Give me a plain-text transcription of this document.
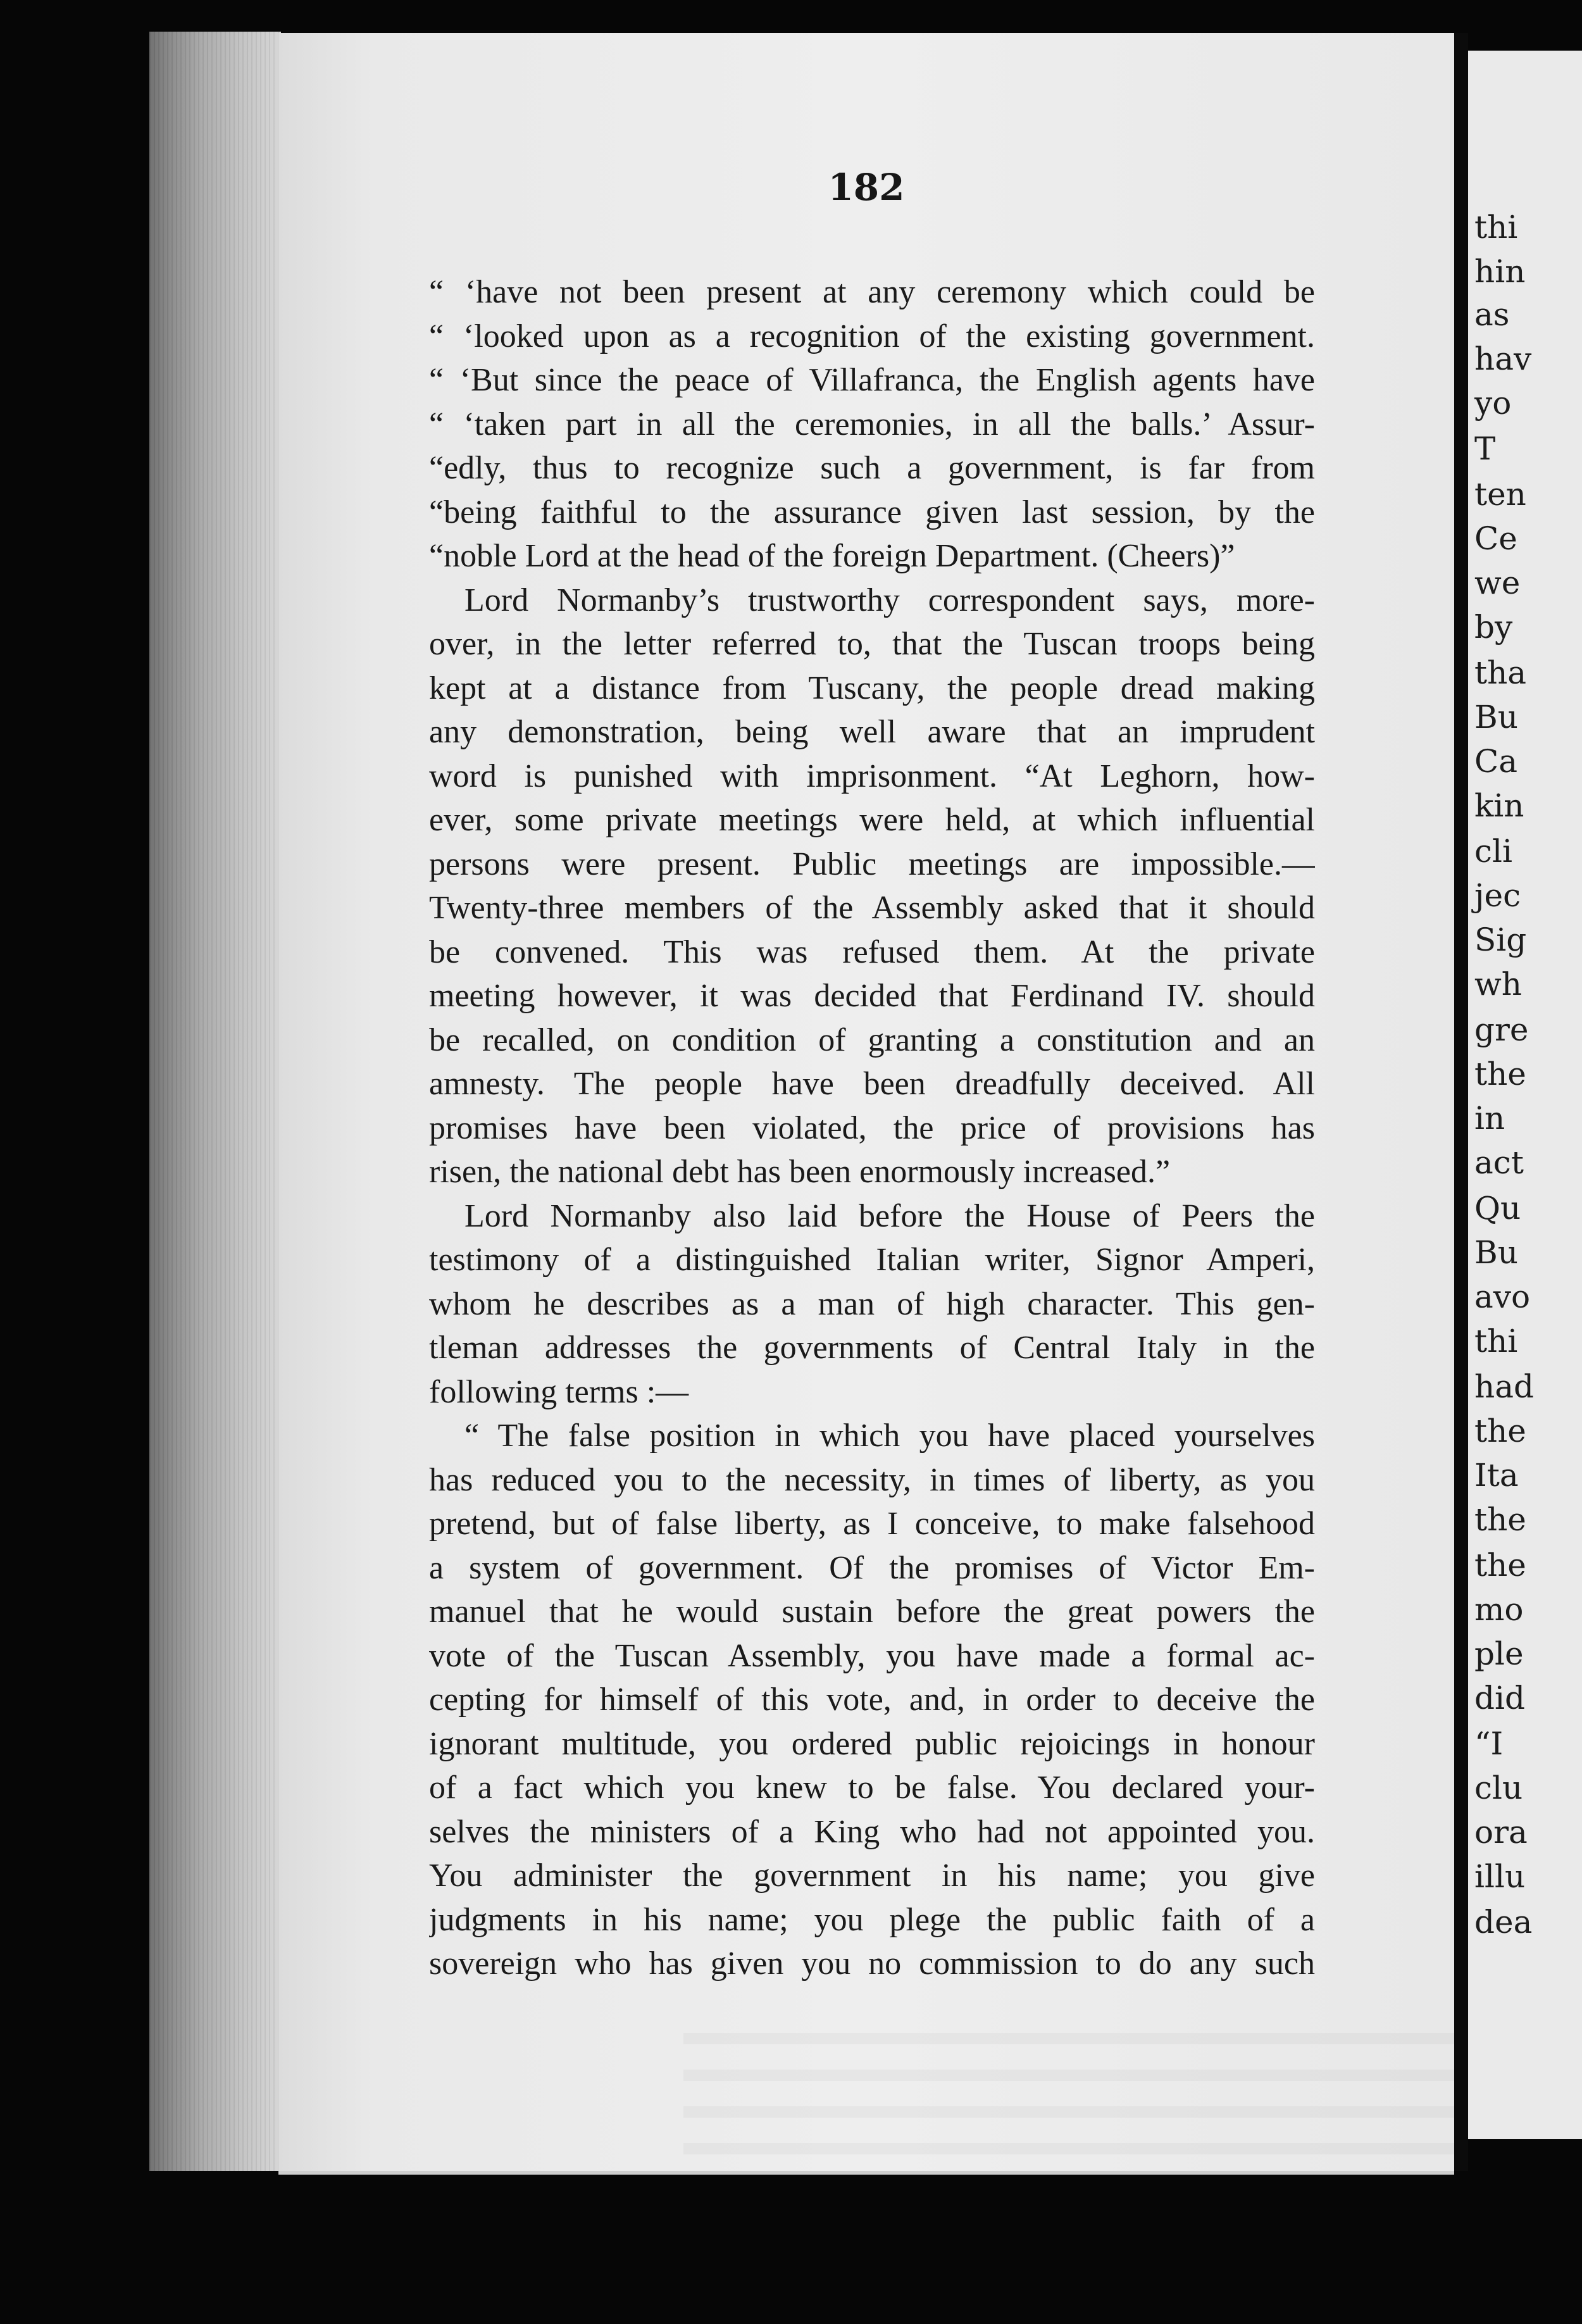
182
“ ‘have not been present at any ceremony which could be
“ ‘looked upon as a recognition of the existing government.
“ ‘But since the peace of Villafranca, the English agents have
“ ‘taken part in all the ceremonies, in all the balls.’ Assur-
“edly, thus to recognize such a government, is far from
“being faithful to the assurance given last session, by the
“noble Lord at the head of the foreign Department. (Cheers)”
Lord Normanby’s trustworthy correspondent says, more-
over, in the letter referred to, that the Tuscan troops being
kept at a distance from Tuscany, the people dread making
any demonstration, being well aware that an imprudent
word is punished with imprisonment. “At Leghorn, how-
ever, some private meetings were held, at which influential
persons were present. Public meetings are impossible.—
Twenty-three members of the Assembly asked that it should
be convened. This was refused them. At the private
meeting however, it was decided that Ferdinand IV. should
be recalled, on condition of granting a constitution and an
amnesty. The people have been dreadfully deceived. All
promises have been violated, the price of provisions has
risen, the national debt has been enormously increased.”
Lord Normanby also laid before the House of Peers the
testimony of a distinguished Italian writer, Signor Amperi,
whom he describes as a man of high character. This gen-
tleman addresses the governments of Central Italy in the
following terms :—
“ The false position in which you have placed yourselves
has reduced you to the necessity, in times of liberty, as you
pretend, but of false liberty, as I conceive, to make falsehood
a system of government. Of the promises of Victor Em-
manuel that he would sustain before the great powers the
vote of the Tuscan Assembly, you have made a formal ac-
cepting for himself of this vote, and, in order to deceive the
ignorant multitude, you ordered public rejoicings in honour
of a fact which you knew to be false. You declared your-
selves the ministers of a King who had not appointed you.
You administer the government in his name; you give
judgments in his name; you plege the public faith of a
sovereign who has given you no commission to do any such
thi
hin
as
hav
yo
T
ten
Ce
we
by
tha
Bu
Ca
kin
cli
jec
Sig
wh
gre
the
in
act
Qu
Bu
avo
thi
had
the
Ita
the
the
mo
ple
did
“I
clu
ora
illu
dea
